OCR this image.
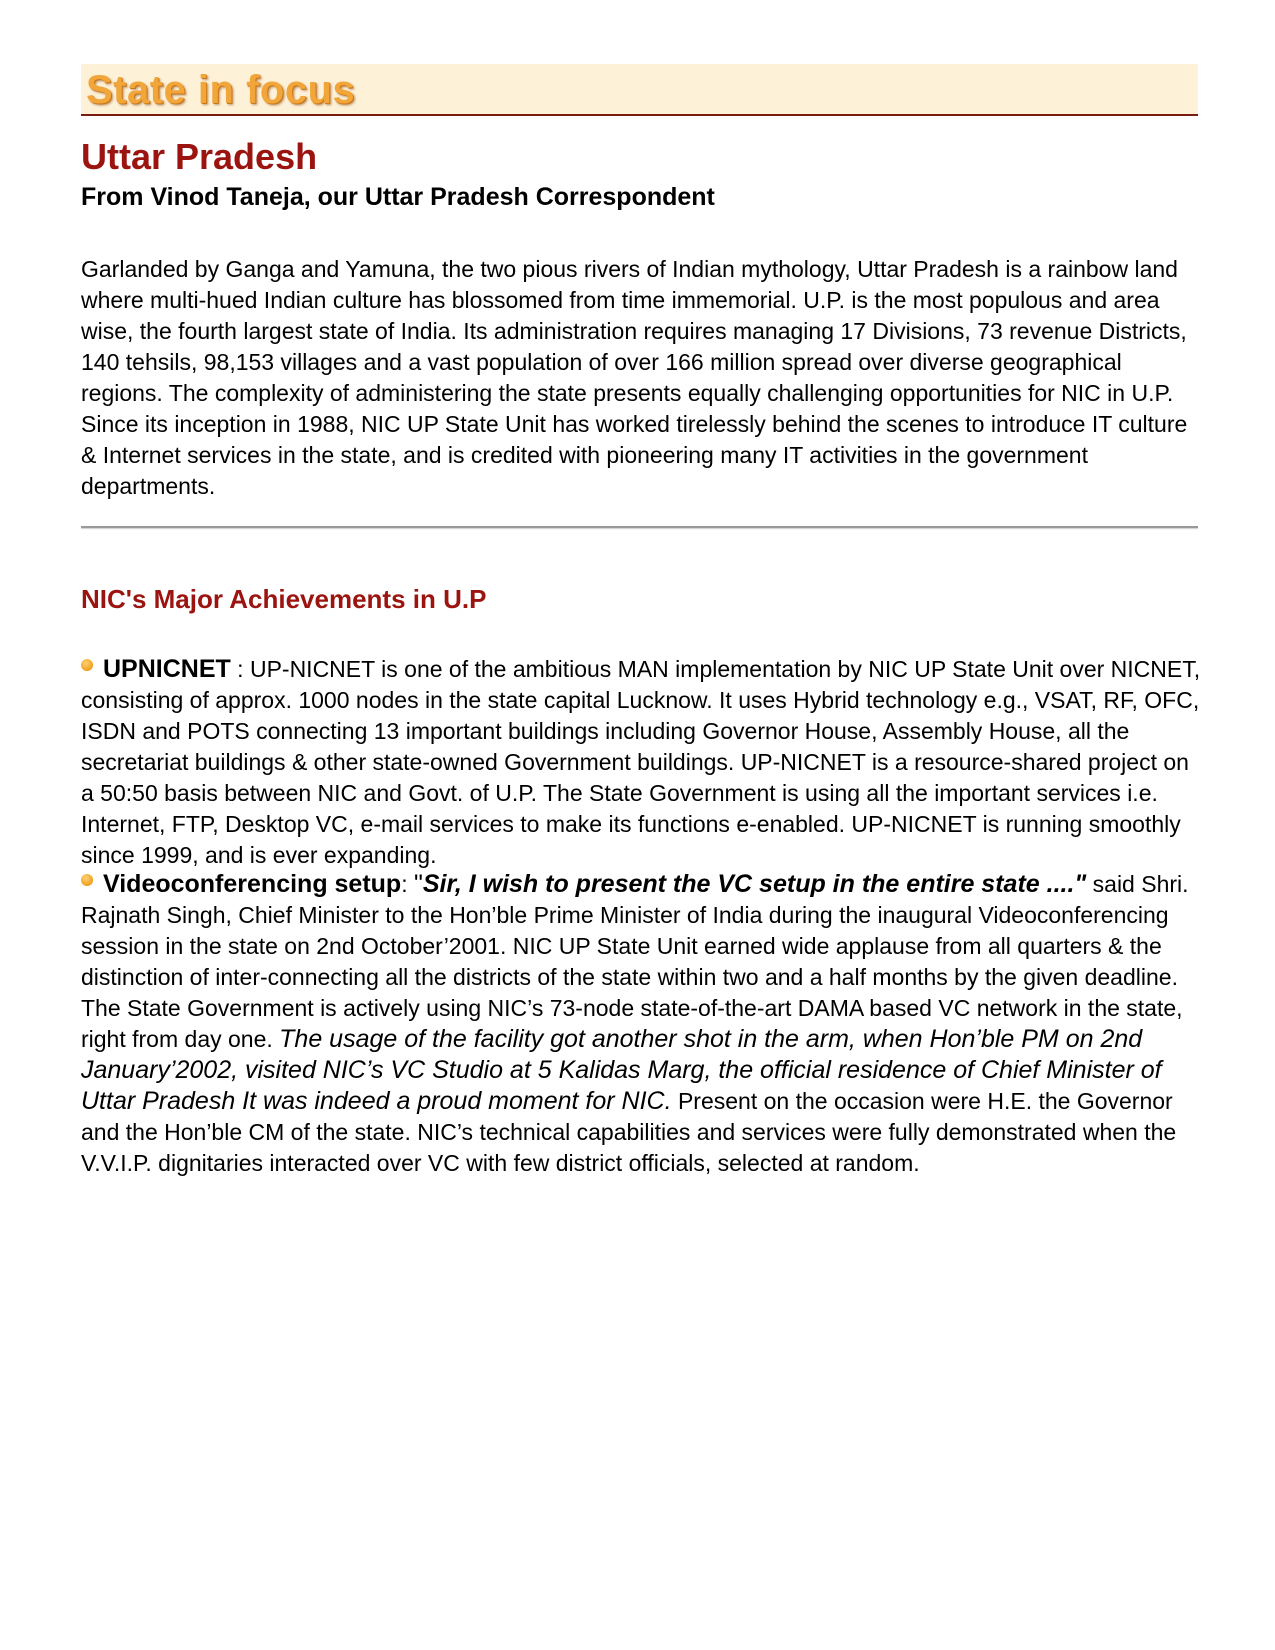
State in focus
Uttar Pradesh
From Vinod Taneja, our Uttar Pradesh Correspondent

Garlanded by Ganga and Yamuna, the two pious rivers of Indian mythology, Uttar Pradesh is a rainbow land where multi-hued Indian culture has blossomed from time immemorial. U.P. is the most populous and area wise, the fourth largest state of India. Its administration requires managing 17 Divisions, 73 revenue Districts, 140 tehsils, 98,153 villages and a vast population of over 166 million spread over diverse geographical regions. The complexity of administering the state presents equally challenging opportunities for NIC in U.P. Since its inception in 1988, NIC UP State Unit has worked tirelessly behind the scenes to introduce IT culture & Internet services in the state, and is credited with pioneering many IT activities in the government departments.

NIC's Major Achievements in U.P

UPNICNET : UP-NICNET is one of the ambitious MAN implementation by NIC UP State Unit over NICNET, consisting of approx. 1000 nodes in the state capital Lucknow. It uses Hybrid technology e.g., VSAT, RF, OFC, ISDN and POTS connecting 13 important buildings including Governor House, Assembly House, all the secretariat buildings & other state-owned Government buildings. UP-NICNET is a resource-shared project on a 50:50 basis between NIC and Govt. of U.P. The State Government is using all the important services i.e. Internet, FTP, Desktop VC, e-mail services to make its functions e-enabled. UP-NICNET is running smoothly since 1999, and is ever expanding.

Videoconferencing setup: "Sir, I wish to present the VC setup in the entire state ...." said Shri. Rajnath Singh, Chief Minister to the Hon’ble Prime Minister of India during the inaugural Videoconferencing session in the state on 2nd October’2001. NIC UP State Unit earned wide applause from all quarters & the distinction of inter-connecting all the districts of the state within two and a half months by the given deadline. The State Government is actively using NIC’s 73-node state-of-the-art DAMA based VC network in the state, right from day one. The usage of the facility got another shot in the arm, when Hon’ble PM on 2nd January’2002, visited NIC’s VC Studio at 5 Kalidas Marg, the official residence of Chief Minister of Uttar Pradesh It was indeed a proud moment for NIC. Present on the occasion were H.E. the Governor and the Hon’ble CM of the state. NIC’s technical capabilities and services were fully demonstrated when the V.V.I.P. dignitaries interacted over VC with few district officials, selected at random.
